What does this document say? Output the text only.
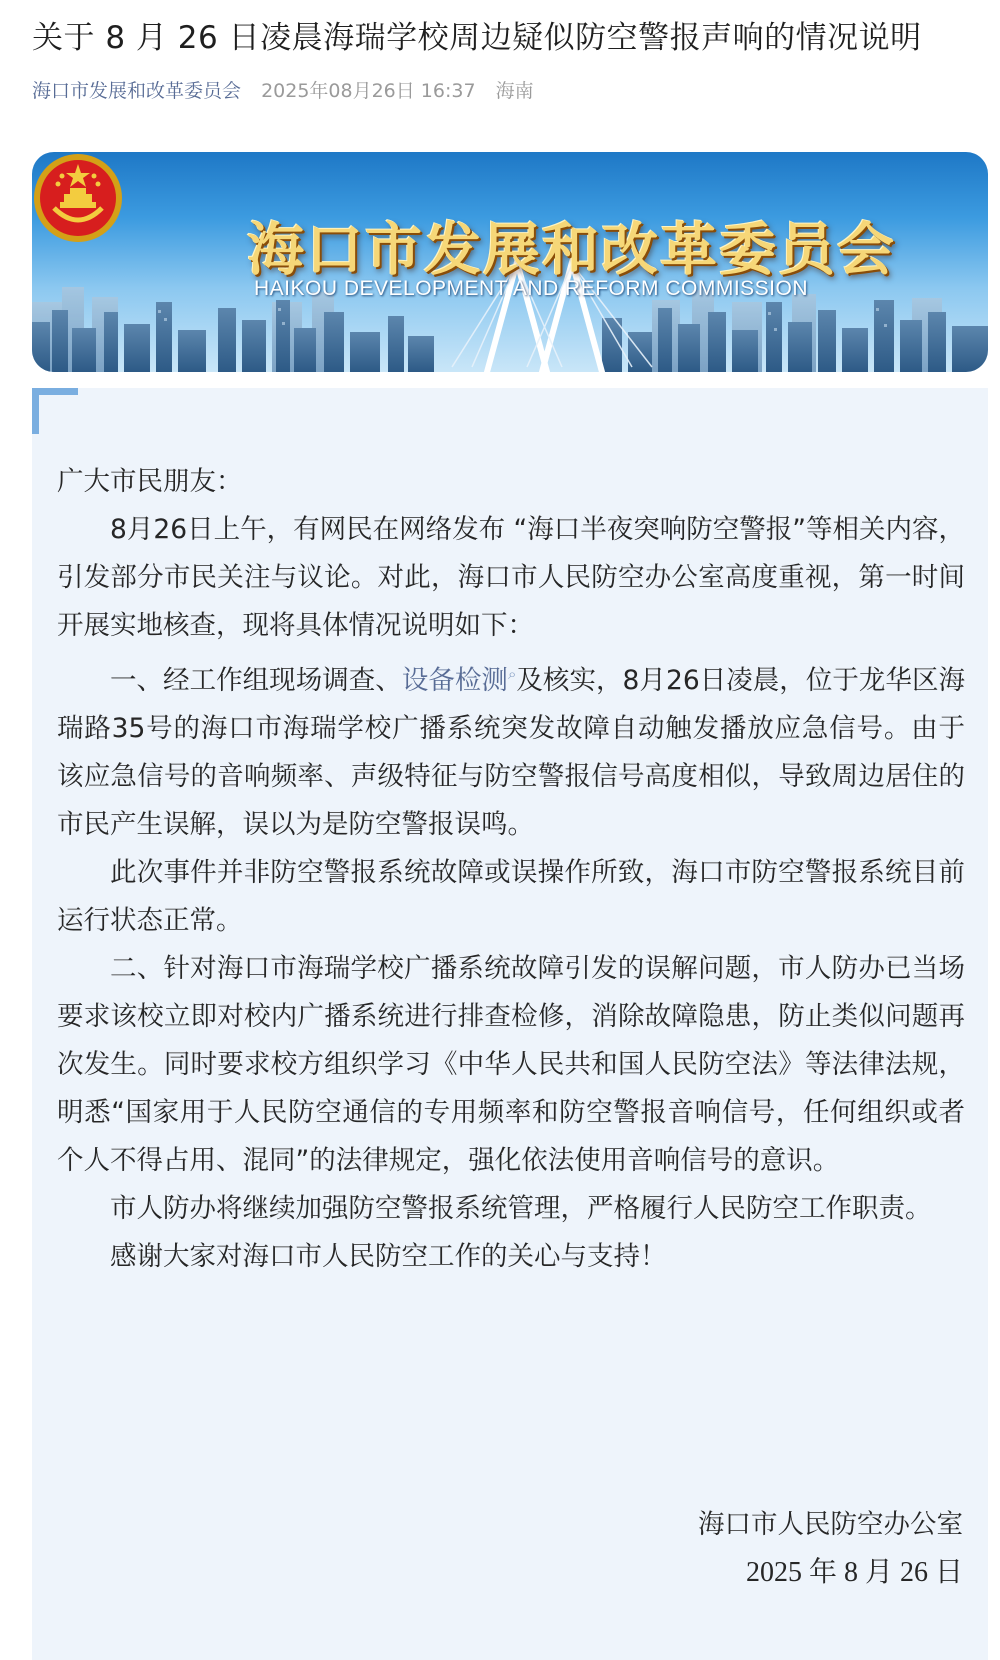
关于 8 月 26 日凌晨海瑞学校周边疑似防空警报声响的情况说明
海口市发展和改革委员会 2025年08月26日 16:37 海南
海口市发展和改革委员会
HAIKOU DEVELOPMENT AND REFORM COMMISSION

广大市民朋友：

8月26日上午，有网民在网络发布 “海口半夜突响防空警报”等相关内容，引发部分市民关注与议论。对此，海口市人民防空办公室高度重视，第一时间开展实地核查，现将具体情况说明如下：

一、经工作组现场调查、设备检测⌕及核实，8月26日凌晨，位于龙华区海瑞路35号的海口市海瑞学校广播系统突发故障自动触发播放应急信号。由于该应急信号的音响频率、声级特征与防空警报信号高度相似，导致周边居住的市民产生误解，误以为是防空警报误鸣。

此次事件并非防空警报系统故障或误操作所致，海口市防空警报系统目前运行状态正常。

二、针对海口市海瑞学校广播系统故障引发的误解问题，市人防办已当场要求该校立即对校内广播系统进行排查检修，消除故障隐患，防止类似问题再次发生。同时要求校方组织学习《中华人民共和国人民防空法》等法律法规，明悉“国家用于人民防空通信的专用频率和防空警报音响信号，任何组织或者个人不得占用、混同”的法律规定，强化依法使用音响信号的意识。

市人防办将继续加强防空警报系统管理，严格履行人民防空工作职责。

感谢大家对海口市人民防空工作的关心与支持！

海口市人民防空办公室
2025 年 8 月 26 日
